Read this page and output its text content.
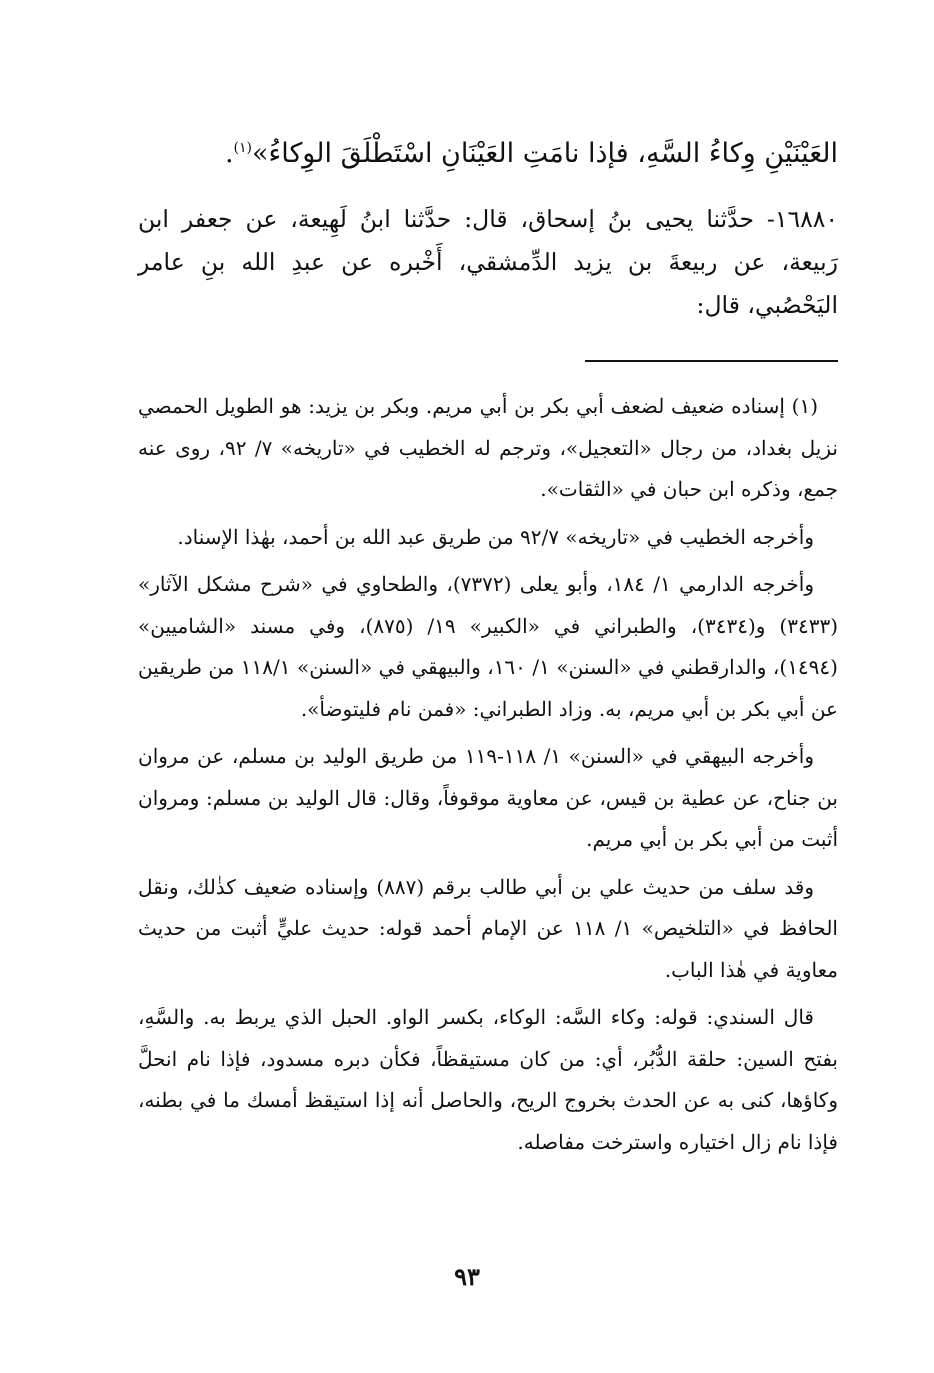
العَيْنَيْنِ وِكاءُ السَّهِ، فإذا نامَتِ العَيْنَانِ اسْتَطْلَقَ الوِكاءُ»$^{(١)}$.
١٦٨٨٠- حدَّثنا يحيى بنُ إسحاق، قال: حدَّثنا ابنُ لَهِيعة، عن جعفر ابن رَبيعة، عن ربيعةَ بن يزيد الدِّمشقي، أَخْبره عن عبدِ الله بنِ عامر اليَحْصُبي، قال:

(١) إسناده ضعيف لضعف أبي بكر بن أبي مريم. وبكر بن يزيد: هو الطويل الحمصي نزيل بغداد، من رجال «التعجيل»، وترجم له الخطيب في «تاريخه» ٧/ ٩٢، روى عنه جمع، وذكره ابن حبان في «الثقات».

وأخرجه الخطيب في «تاريخه» ٩٢/٧ من طريق عبد الله بن أحمد، بهٰذا الإسناد.

وأخرجه الدارمي ١/ ١٨٤، وأبو يعلى (٧٣٧٢)، والطحاوي في «شرح مشكل الآثار» (٣٤٣٣) و(٣٤٣٤)، والطبراني في «الكبير» ١٩/ (٨٧٥)، وفي مسند «الشاميين» (١٤٩٤)، والدارقطني في «السنن» ١/ ١٦٠، والبيهقي في «السنن» ١١٨/١ من طريقين عن أبي بكر بن أبي مريم، به. وزاد الطبراني: «فمن نام فليتوضأ».

وأخرجه البيهقي في «السنن» ١/ ١١٨-١١٩ من طريق الوليد بن مسلم، عن مروان بن جناح، عن عطية بن قيس، عن معاوية موقوفاً، وقال: قال الوليد بن مسلم: ومروان أثبت من أبي بكر بن أبي مريم.

وقد سلف من حديث علي بن أبي طالب برقم (٨٨٧) وإسناده ضعيف كذٰلك، ونقل الحافظ في «التلخيص» ١/ ١١٨ عن الإمام أحمد قوله: حديث عليٍّ أثبت من حديث معاوية في هٰذا الباب.

قال السندي: قوله: وكاء السَّه: الوكاء، بكسر الواو. الحبل الذي يربط به. والسَّهِ، بفتح السين: حلقة الدُّبُر، أي: من كان مستيقظاً، فكأن دبره مسدود، فإذا نام انحلَّ وكاؤها، كنى به عن الحدث بخروج الريح، والحاصل أنه إذا استيقظ أمسك ما في بطنه، فإذا نام زال اختياره واسترخت مفاصله.

٩٣
